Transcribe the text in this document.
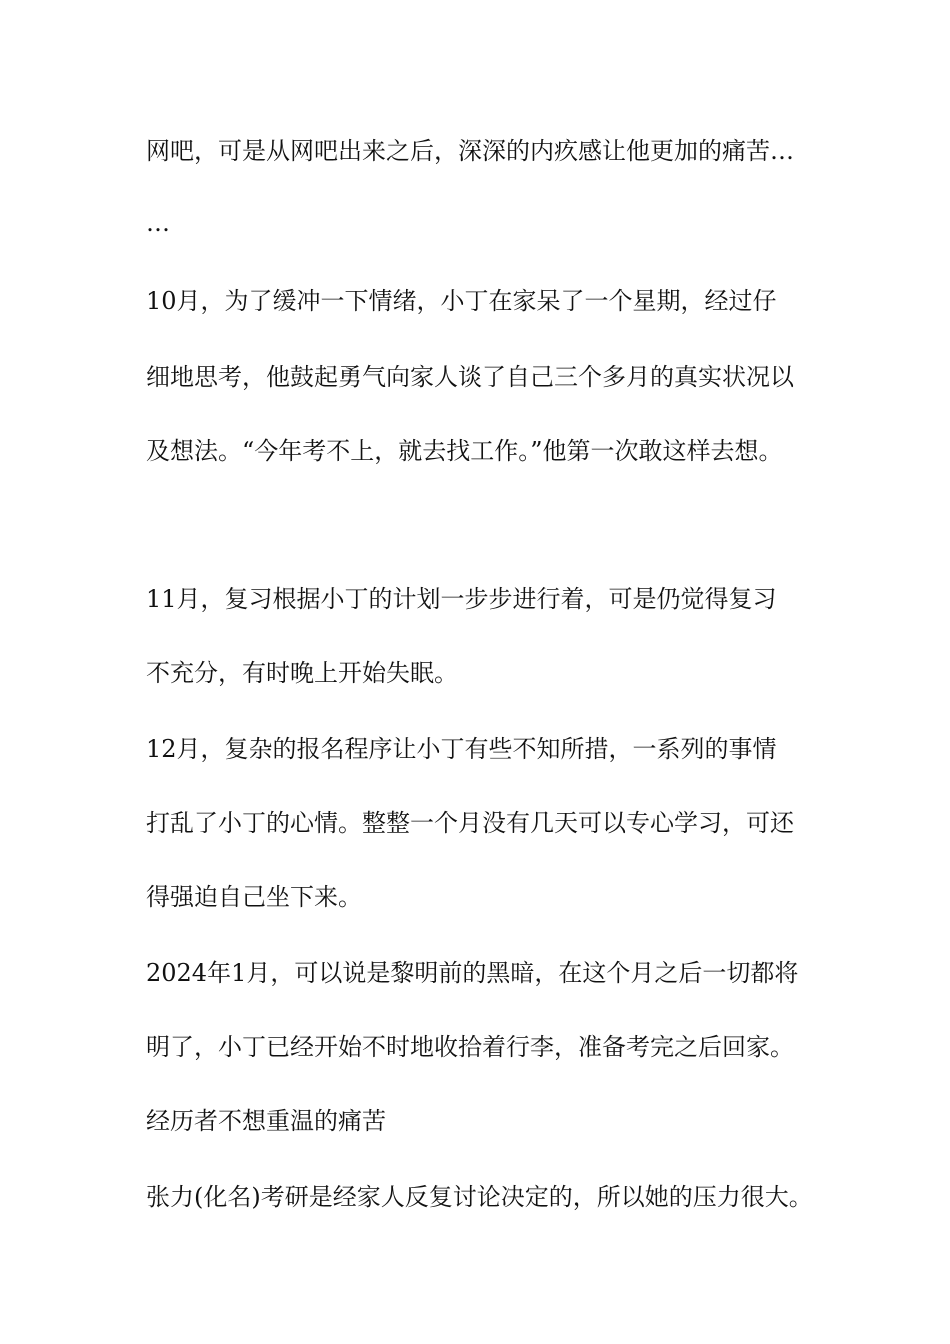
网吧，可是从网吧出来之后，深深的内疚感让他更加的痛苦…
…
10月，为了缓冲一下情绪，小丁在家呆了一个星期，经过仔
细地思考，他鼓起勇气向家人谈了自己三个多月的真实状况以
及想法。“今年考不上，就去找工作。”他第一次敢这样去想。
11月，复习根据小丁的计划一步步进行着，可是仍觉得复习
不充分，有时晚上开始失眠。
12月，复杂的报名程序让小丁有些不知所措，一系列的事情
打乱了小丁的心情。整整一个月没有几天可以专心学习，可还
得强迫自己坐下来。
2024年1月，可以说是黎明前的黑暗，在这个月之后一切都将
明了，小丁已经开始不时地收拾着行李，准备考完之后回家。
经历者不想重温的痛苦
张力(化名)考研是经家人反复讨论决定的，所以她的压力很大。
